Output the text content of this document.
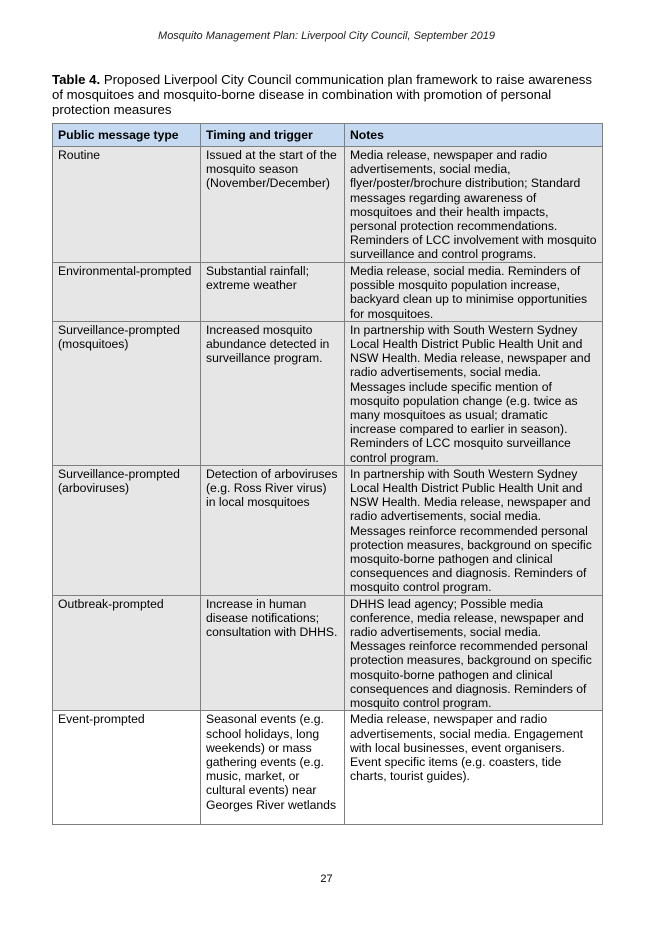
Mosquito Management Plan: Liverpool City Council, September 2019
Table 4. Proposed Liverpool City Council communication plan framework to raise awareness of mosquitoes and mosquito-borne disease in combination with promotion of personal protection measures
Public message type	Timing and trigger	Notes
Routine	Issued at the start of the mosquito season (November/December)	Media release, newspaper and radio advertisements, social media, flyer/poster/brochure distribution; Standard messages regarding awareness of mosquitoes and their health impacts, personal protection recommendations. Reminders of LCC involvement with mosquito surveillance and control programs.
Environmental-prompted	Substantial rainfall; extreme weather	Media release, social media. Reminders of possible mosquito population increase, backyard clean up to minimise opportunities for mosquitoes.
Surveillance-prompted (mosquitoes)	Increased mosquito abundance detected in surveillance program.	In partnership with South Western Sydney Local Health District Public Health Unit and NSW Health. Media release, newspaper and radio advertisements, social media. Messages include specific mention of mosquito population change (e.g. twice as many mosquitoes as usual; dramatic increase compared to earlier in season). Reminders of LCC mosquito surveillance control program.
Surveillance-prompted (arboviruses)	Detection of arboviruses (e.g. Ross River virus) in local mosquitoes	In partnership with South Western Sydney Local Health District Public Health Unit and NSW Health. Media release, newspaper and radio advertisements, social media. Messages reinforce recommended personal protection measures, background on specific mosquito-borne pathogen and clinical consequences and diagnosis. Reminders of mosquito control program.
Outbreak-prompted	Increase in human disease notifications; consultation with DHHS.	DHHS lead agency; Possible media conference, media release, newspaper and radio advertisements, social media. Messages reinforce recommended personal protection measures, background on specific mosquito-borne pathogen and clinical consequences and diagnosis. Reminders of mosquito control program.
Event-prompted	Seasonal events (e.g. school holidays, long weekends) or mass gathering events (e.g. music, market, or cultural events) near Georges River wetlands	Media release, newspaper and radio advertisements, social media. Engagement with local businesses, event organisers. Event specific items (e.g. coasters, tide charts, tourist guides).
27
